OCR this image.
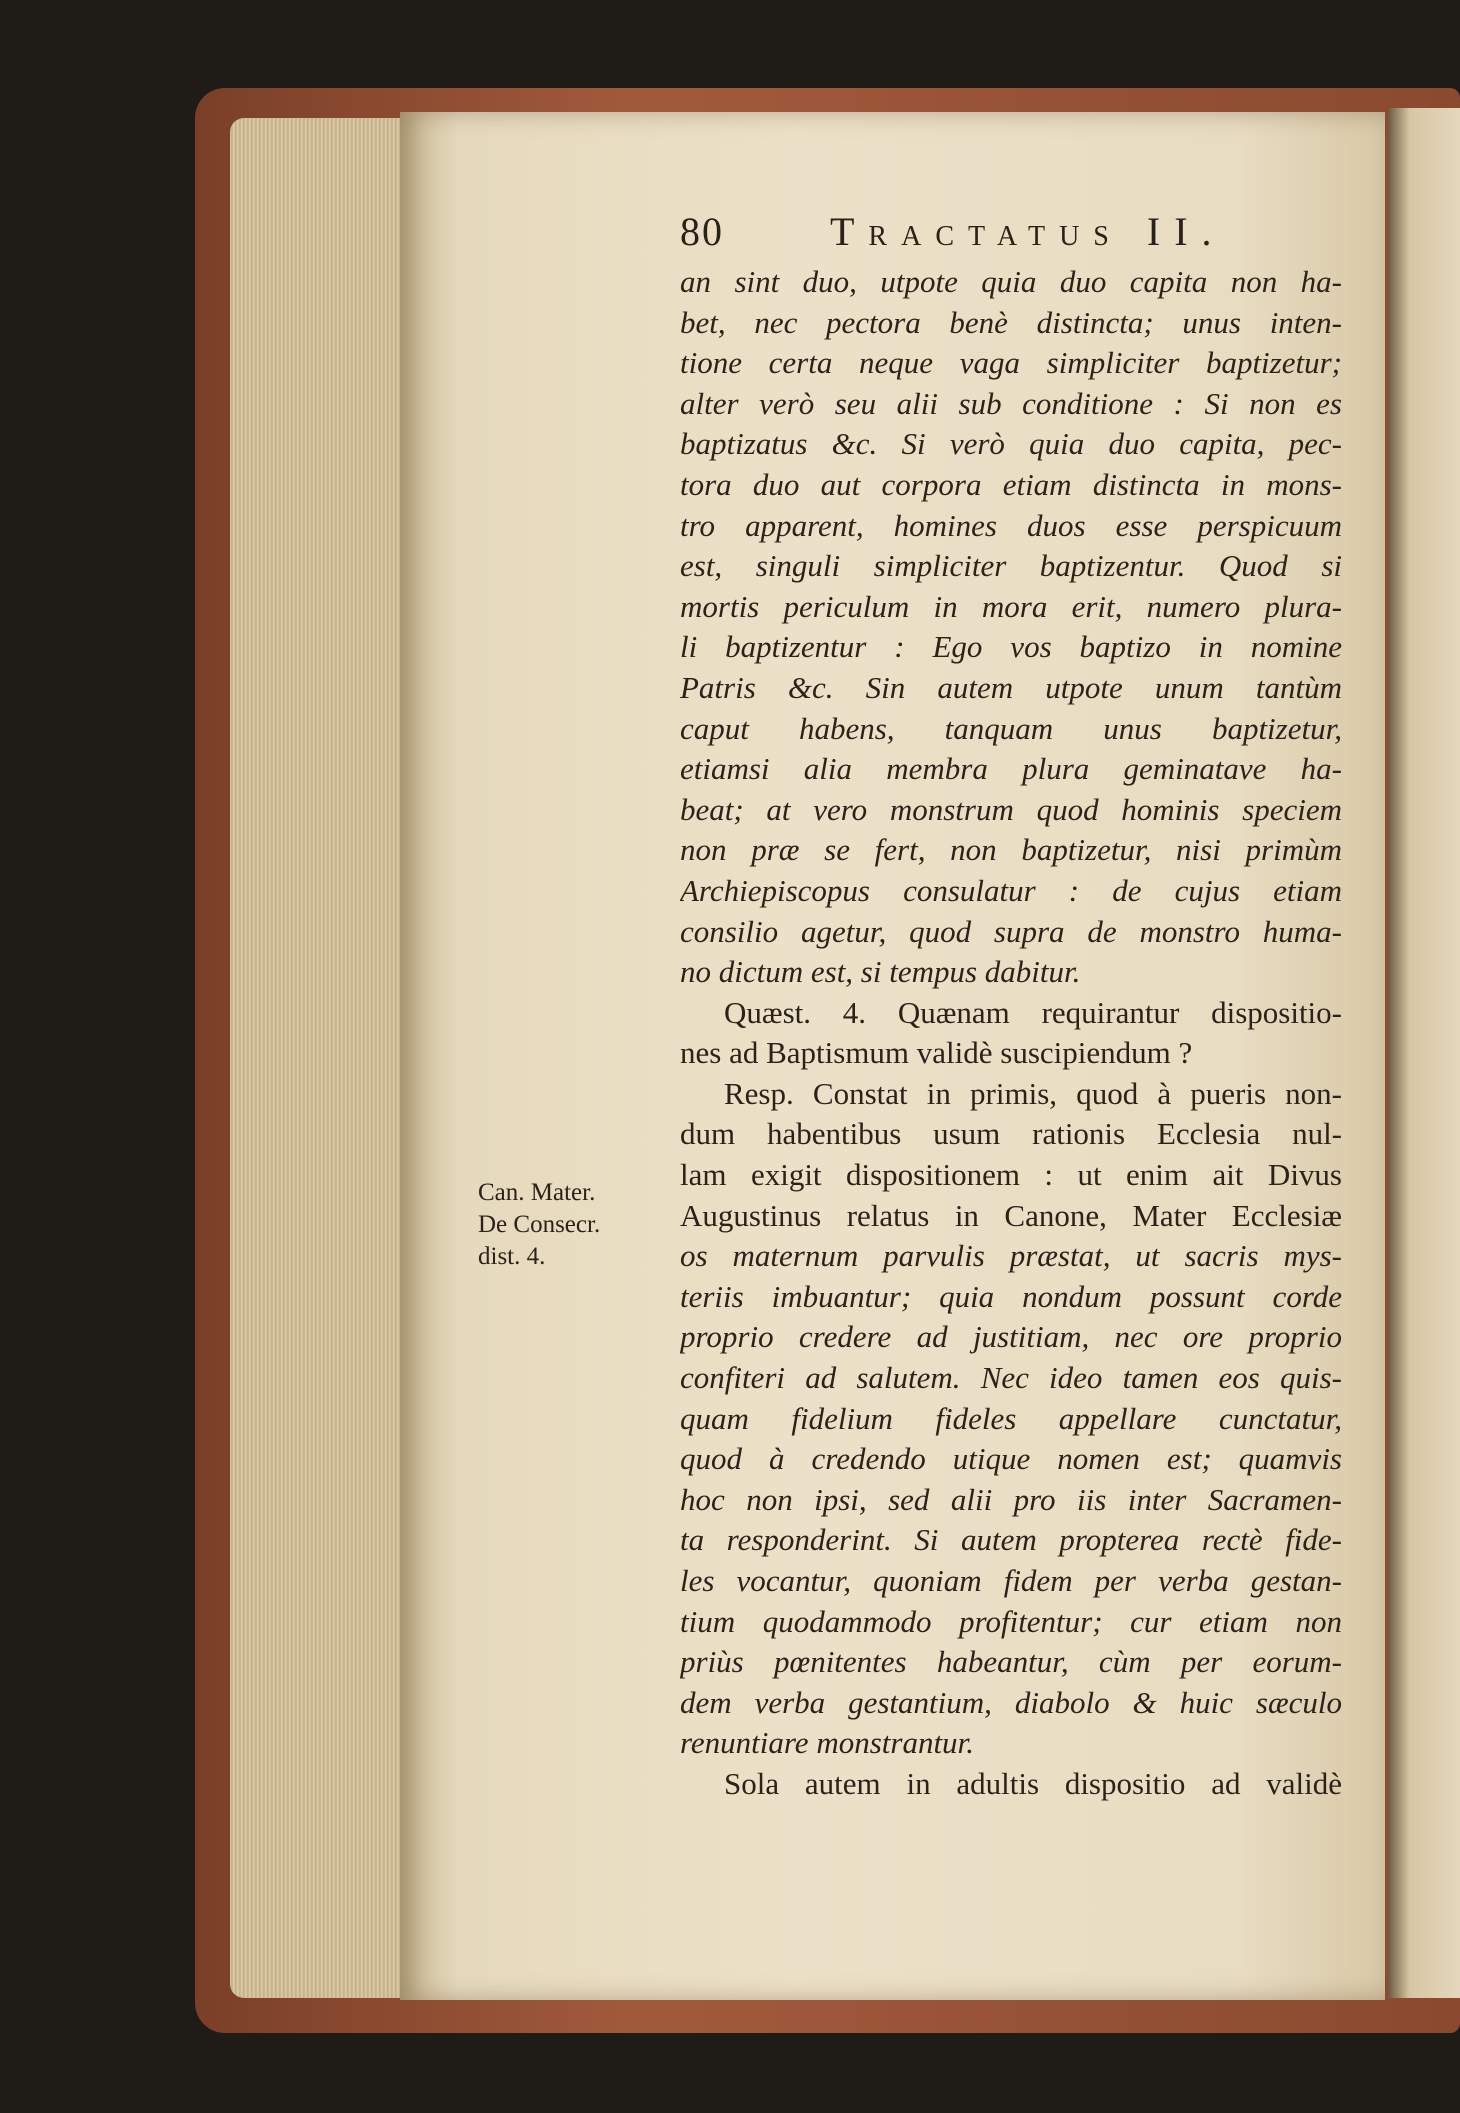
80	Tractatus II.
Can. Mater.
De Consecr.
dist. 4.
an sint duo, utpote quia duo capita non ha-
bet, nec pectora benè distincta; unus inten-
tione certa neque vaga simpliciter baptizetur;
alter verò seu alii sub conditione : Si non es
baptizatus &c. Si verò quia duo capita, pec-
tora duo aut corpora etiam distincta in mons-
tro apparent, homines duos esse perspicuum
est, singuli simpliciter baptizentur. Quod si
mortis periculum in mora erit, numero plura-
li baptizentur : Ego vos baptizo in nomine
Patris &c. Sin autem utpote unum tantùm
caput habens, tanquam unus baptizetur,
etiamsi alia membra plura geminatave ha-
beat; at vero monstrum quod hominis speciem
non præ se fert, non baptizetur, nisi primùm
Archiepiscopus consulatur : de cujus etiam
consilio agetur, quod supra de monstro huma-
no dictum est, si tempus dabitur.
Quæst. 4. Quænam requirantur dispositio-
nes ad Baptismum validè suscipiendum ?
Resp. Constat in primis, quod à pueris non-
dum habentibus usum rationis Ecclesia nul-
lam exigit dispositionem : ut enim ait Divus
Augustinus relatus in Canone, Mater Ecclesiæ
os maternum parvulis præstat, ut sacris mys-
teriis imbuantur; quia nondum possunt corde
proprio credere ad justitiam, nec ore proprio
confiteri ad salutem. Nec ideo tamen eos quis-
quam fidelium fideles appellare cunctatur,
quod à credendo utique nomen est; quamvis
hoc non ipsi, sed alii pro iis inter Sacramen-
ta responderint. Si autem propterea rectè fide-
les vocantur, quoniam fidem per verba gestan-
tium quodammodo profitentur; cur etiam non
priùs pœnitentes habeantur, cùm per eorum-
dem verba gestantium, diabolo & huic sæculo
renuntiare monstrantur.
Sola autem in adultis dispositio ad validè
